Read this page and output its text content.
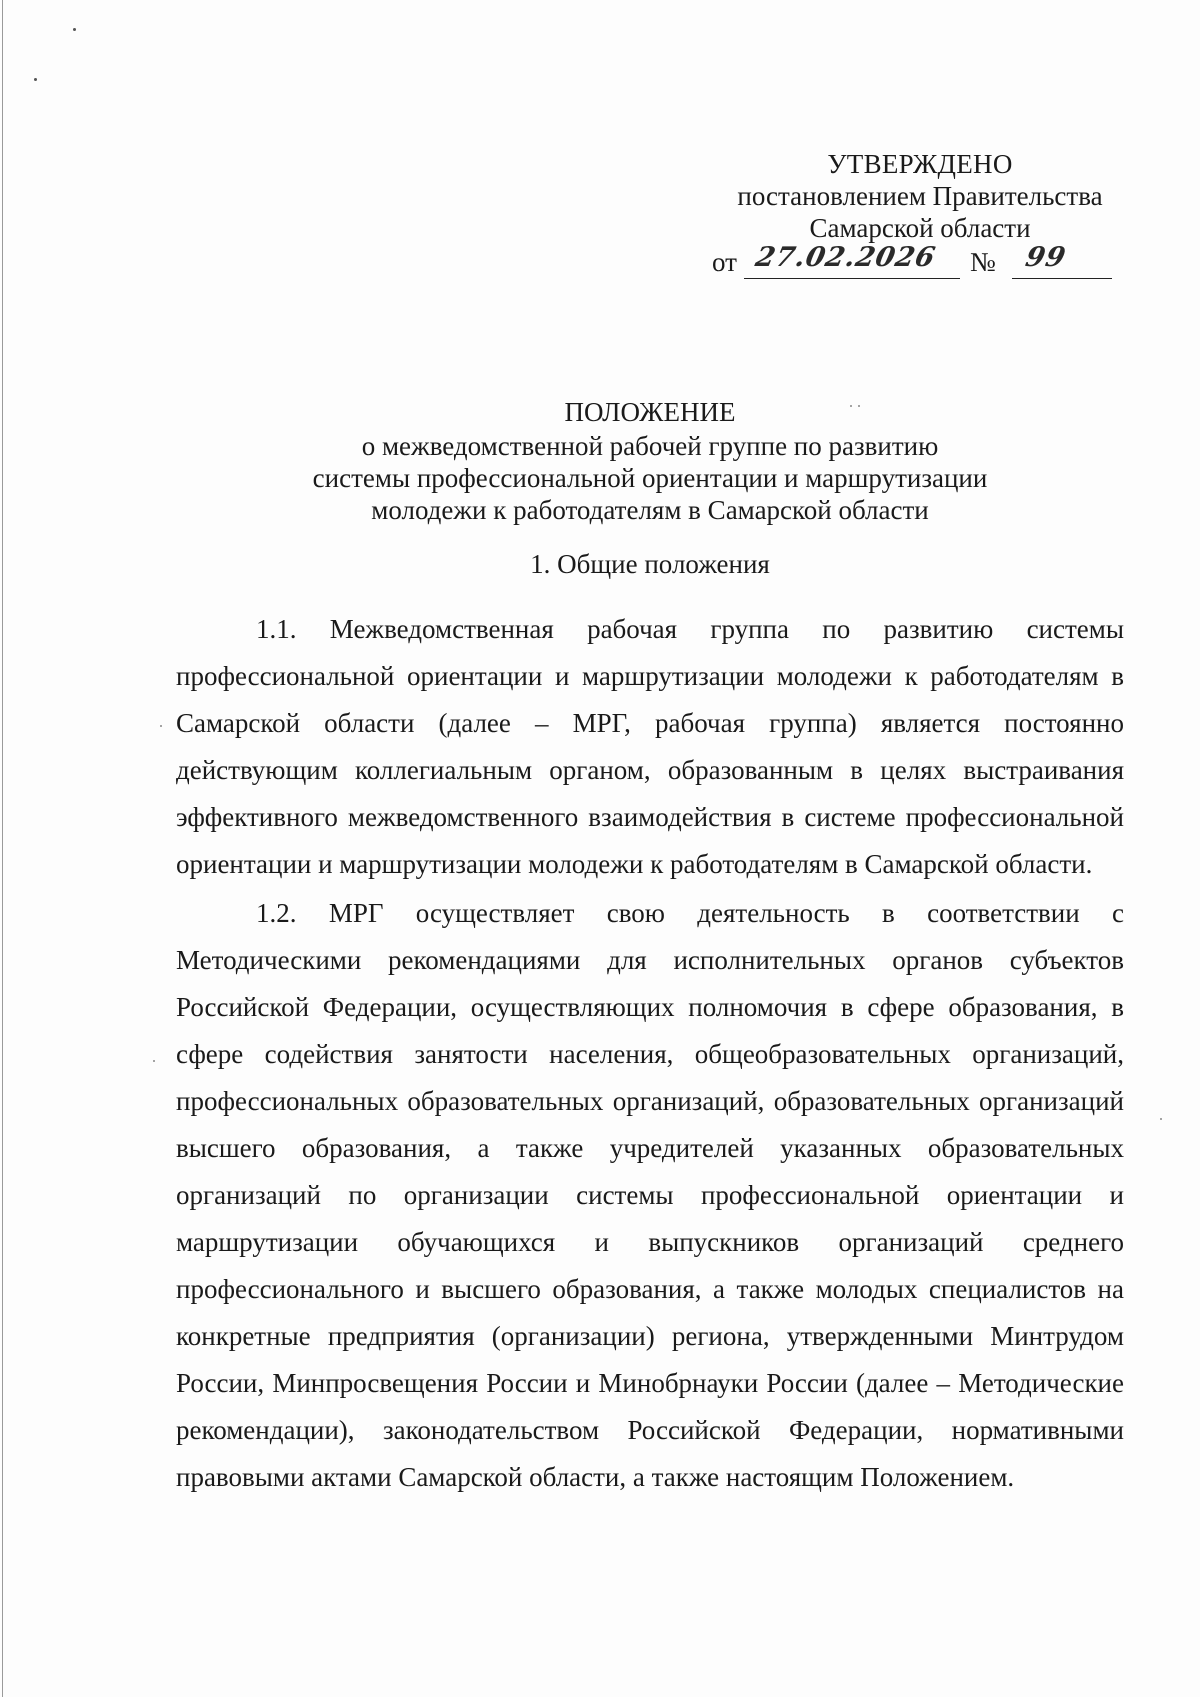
УТВЕРЖДЕНО
постановлением Правительства
Самарской области
от 27.02.2026 № 99
ПОЛОЖЕНИЕ
о межведомственной рабочей группе по развитию
системы профессиональной ориентации и маршрутизации
молодежи к работодателям в Самарской области
1. Общие положения

1.1. Межведомственная рабочая группа по развитию системы профессиональной ориентации и маршрутизации молодежи к работодателям в Самарской области (далее – МРГ, рабочая группа) является постоянно действующим коллегиальным органом, образованным в целях выстраивания эффективного межведомственного взаимодействия в системе профессиональной ориентации и маршрутизации молодежи к работодателям в Самарской области.

1.2. МРГ осуществляет свою деятельность в соответствии с Методическими рекомендациями для исполнительных органов субъектов Российской Федерации, осуществляющих полномочия в сфере образования, в сфере содействия занятости населения, общеобразовательных организаций, профессиональных образовательных организаций, образовательных организаций высшего образования, а также учредителей указанных образовательных организаций по организации системы профессиональной ориентации и маршрутизации обучающихся и выпускников организаций среднего профессионального и высшего образования, а также молодых специалистов на конкретные предприятия (организации) региона, утвержденными Минтрудом России, Минпросвещения России и Минобрнауки России (далее – Методические рекомендации), законодательством Российской Федерации, нормативными правовыми актами Самарской области, а также настоящим Положением.
